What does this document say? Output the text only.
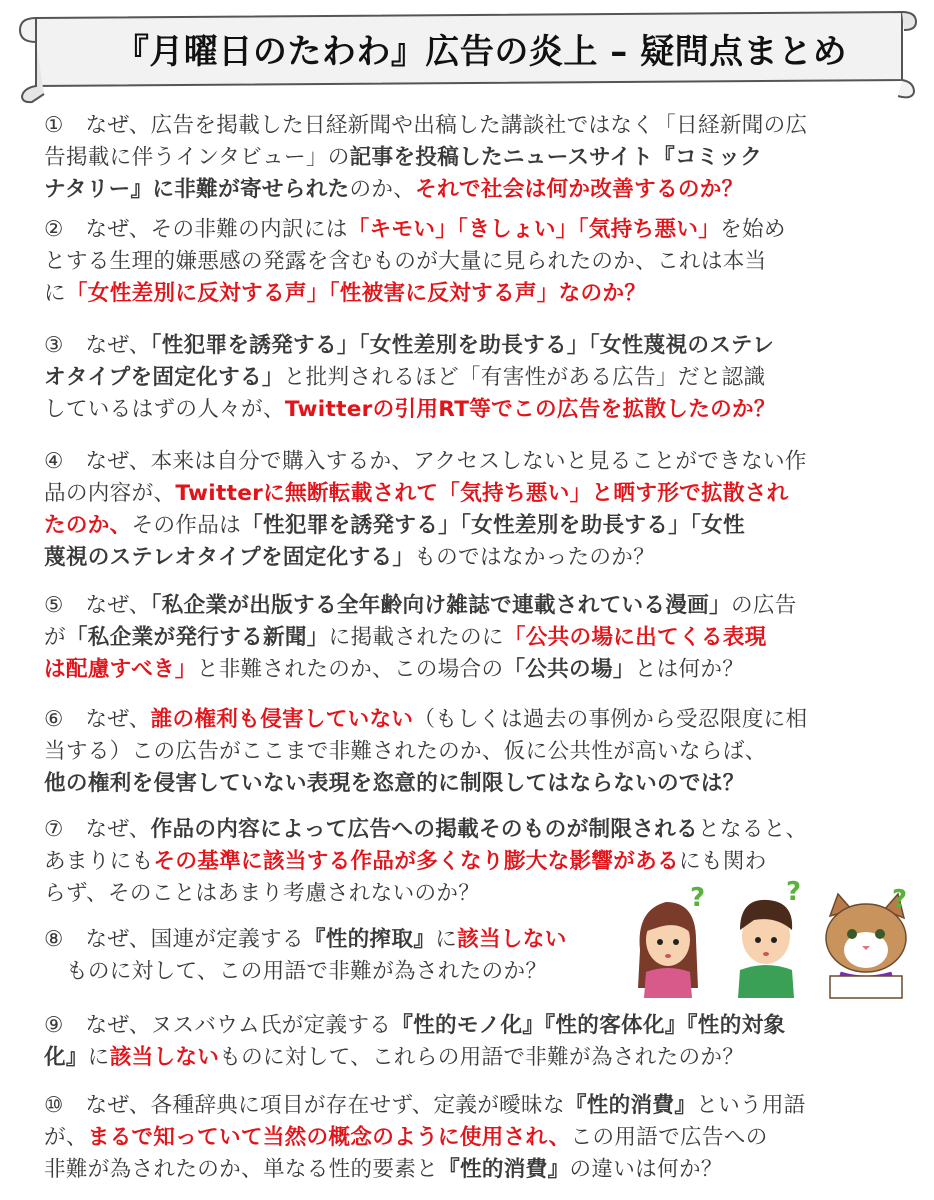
『月曜日のたわわ』広告の炎上 – 疑問点まとめ
①　なぜ、広告を掲載した日経新聞や出稿した講談社ではなく「日経新聞の広
告掲載に伴うインタビュー」の記事を投稿したニュースサイト『コミック
ナタリー』に非難が寄せられたのか、それで社会は何か改善するのか？
②　なぜ、その非難の内訳には「キモい」「きしょい」「気持ち悪い」を始め
とする生理的嫌悪感の発露を含むものが大量に見られたのか、これは本当
に「女性差別に反対する声」「性被害に反対する声」なのか？
③　なぜ、「性犯罪を誘発する」「女性差別を助長する」「女性蔑視のステレ
オタイプを固定化する」と批判されるほど「有害性がある広告」だと認識
しているはずの人々が、Twitterの引用RT等でこの広告を拡散したのか？
④　なぜ、本来は自分で購入するか、アクセスしないと見ることができない作
品の内容が、Twitterに無断転載されて「気持ち悪い」と晒す形で拡散され
たのか、その作品は「性犯罪を誘発する」「女性差別を助長する」「女性
蔑視のステレオタイプを固定化する」ものではなかったのか？
⑤　なぜ、「私企業が出版する全年齢向け雑誌で連載されている漫画」の広告
が「私企業が発行する新聞」に掲載されたのに「公共の場に出てくる表現
は配慮すべき」と非難されたのか、この場合の「公共の場」とは何か？
⑥　なぜ、誰の権利も侵害していない（もしくは過去の事例から受忍限度に相
当する）この広告がここまで非難されたのか、仮に公共性が高いならば、
他の権利を侵害していない表現を恣意的に制限してはならないのでは？
⑦　なぜ、作品の内容によって広告への掲載そのものが制限されるとなると、
あまりにもその基準に該当する作品が多くなり膨大な影響があるにも関わ
らず、そのことはあまり考慮されないのか？
⑧　なぜ、国連が定義する『性的搾取』に該当しない
ものに対して、この用語で非難が為されたのか？
⑨　なぜ、ヌスバウム氏が定義する『性的モノ化』『性的客体化』『性的対象
化』に該当しないものに対して、これらの用語で非難が為されたのか？
⑩　なぜ、各種辞典に項目が存在せず、定義が曖昧な『性的消費』という用語
が、まるで知っていて当然の概念のように使用され、この用語で広告への
非難が為されたのか、単なる性的要素と『性的消費』の違いは何か？
?	?	?
